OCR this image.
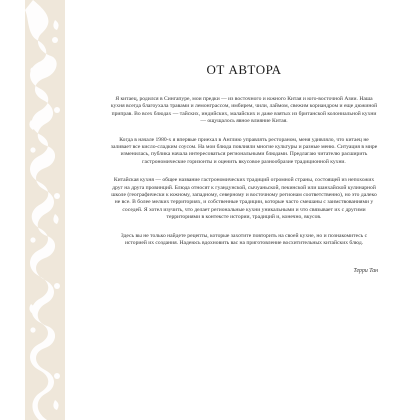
ОТ АВТОРА

Я китаец, родился в Сингапуре, мои предки — из восточного и южного Китая и юго-восточной Азии. Наша кухня всегда благоухала травами и лемонграссом, имбирем, чили, лаймом, свежим кориандром и еще дюжиной приправ. Во всех блюдах — тайских, индийских, малайских и даже взятых из британской колониальной кухни — ощущалось явное влияние Китая.

Когда в начале 1980-х я впервые приехал в Англию управлять рестораном, меня удивляло, что китаец не заливает все кисло-сладким соусом. На мои блюда повлияли многие культуры и разные меню. Ситуация в мире изменилась, публика начала интересоваться региональными блюдами. Предлагаю читателю расширить гастрономические горизонты и оценить вкусовое разнообразие традиционной кухни.

Китайская кухня — общее название гастрономических традиций огромной страны, состоящей из непохожих друг на друга провинций. Блюда относят к гуандунской, сычуаньской, пекинской или шанхайской кулинарной школе (географически к южному, западному, северному и восточному регионам соответственно), но это далеко не все. В более мелких территориях, и собственные традиции, которые часто смешаны с заимствованиями у соседей. Я хотел изучить, что делает региональные кухни уникальными и что связывает их с другими территориями в контексте истории, традиций и, конечно, вкусов.

Здесь вы не только найдете рецепты, которые захотите повторить на своей кухне, но и познакомитесь с историей их создания. Надеюсь вдохновить вас на приготовление восхитительных китайских блюд.

Терри Тан
